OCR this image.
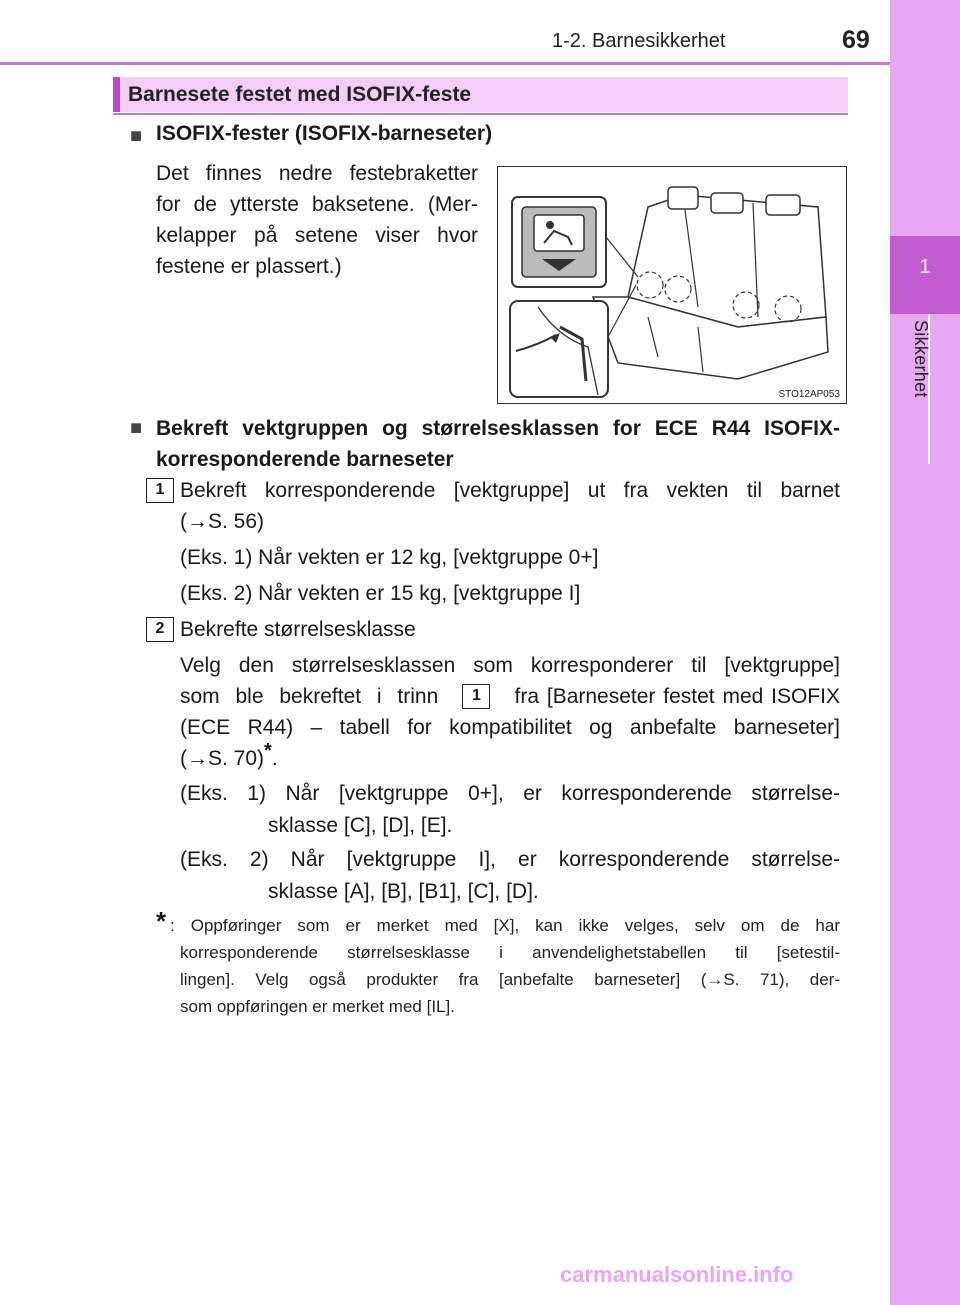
1-2. Barnesikkerhet	69
1
Sikkerhet
Barnesete festet med ISOFIX-feste
■ ISOFIX-fester (ISOFIX-barneseter)
Det finnes nedre festebraketter
for de ytterste baksetene. (Mer-
kelapper på setene viser hvor
festene er plassert.)
STO12AP053
■ Bekreft vektgruppen og størrelsesklassen for ECE R44 ISOFIX-
korresponderende barneseter
1 Bekreft korresponderende [vektgruppe] ut fra vekten til barnet
(→S. 56)
(Eks. 1) Når vekten er 12 kg, [vektgruppe 0+]
(Eks. 2) Når vekten er 15 kg, [vektgruppe I]
2 Bekrefte størrelsesklasse
Velg den størrelsesklassen som korresponderer til [vektgruppe]
som ble bekreftet i trinn	1	fra [Barneseter festet med ISOFIX
(ECE R44) – tabell for kompatibilitet og anbefalte barneseter]
(→S. 70)*.
(Eks. 1) Når [vektgruppe 0+], er korresponderende størrelse-
sklasse [C], [D], [E].
(Eks. 2) Når [vektgruppe I], er korresponderende størrelse-
sklasse [A], [B], [B1], [C], [D].
* : Oppføringer som er merket med [X], kan ikke velges, selv om de har
korresponderende størrelsesklasse i anvendelighetstabellen til [setestil-
lingen]. Velg også produkter fra [anbefalte barneseter] (→S. 71), der-
som oppføringen er merket med [IL].
carmanualsonline.info
